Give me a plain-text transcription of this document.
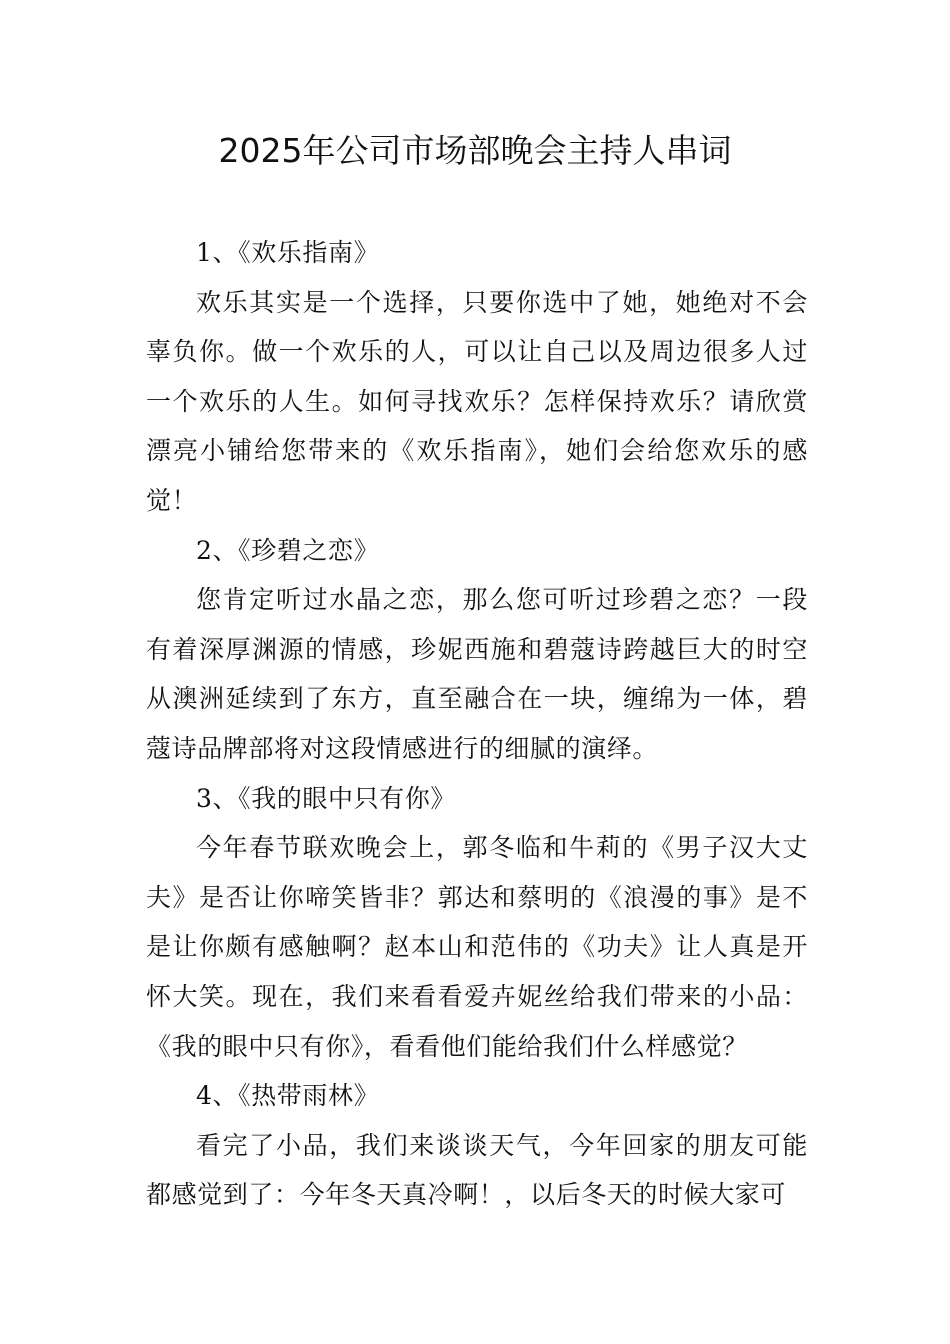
2025年公司市场部晚会主持人串词

1、《欢乐指南》

欢乐其实是一个选择，只要你选中了她，她绝对不会辜负你。做一个欢乐的人，可以让自己以及周边很多人过一个欢乐的人生。如何寻找欢乐？怎样保持欢乐？请欣赏漂亮小铺给您带来的《欢乐指南》，她们会给您欢乐的感觉！

2、《珍碧之恋》

您肯定听过水晶之恋，那么您可听过珍碧之恋？一段有着深厚渊源的情感，珍妮西施和碧蔻诗跨越巨大的时空从澳洲延续到了东方，直至融合在一块，缠绵为一体，碧蔻诗品牌部将对这段情感进行的细腻的演绎。

3、《我的眼中只有你》

今年春节联欢晚会上，郭冬临和牛莉的《男子汉大丈夫》是否让你啼笑皆非？郭达和蔡明的《浪漫的事》是不是让你颇有感触啊？赵本山和范伟的《功夫》让人真是开怀大笑。现在，我们来看看爱卉妮丝给我们带来的小品：《我的眼中只有你》，看看他们能给我们什么样感觉？

4、《热带雨林》

看完了小品，我们来谈谈天气，今年回家的朋友可能都感觉到了：今年冬天真冷啊！，以后冬天的时候大家可
